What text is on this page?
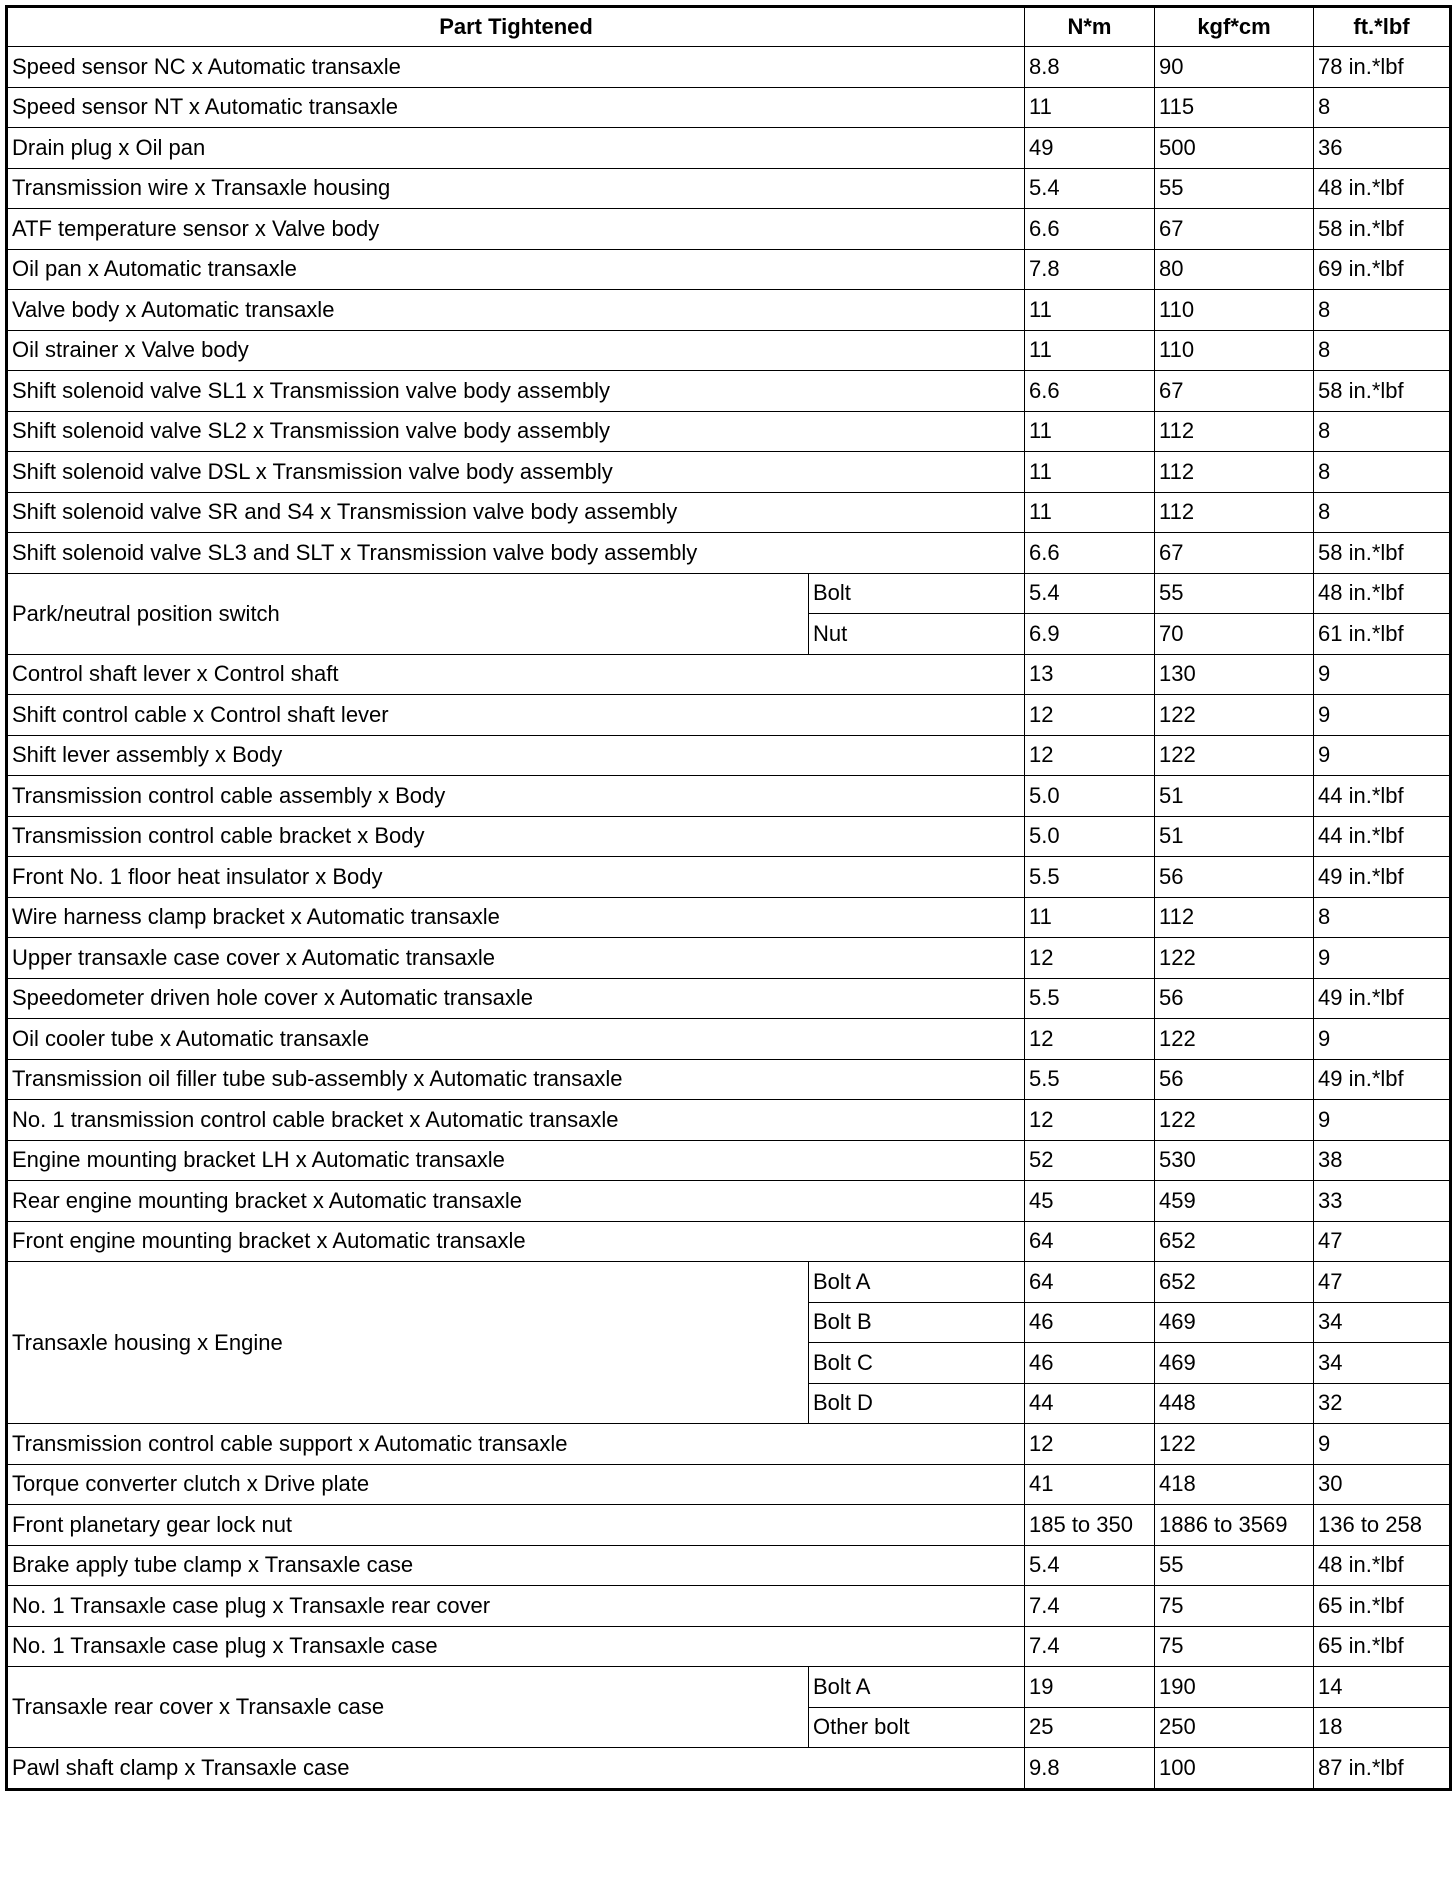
Part Tightened		N*m	kgf*cm	ft.*lbf
Speed sensor NC x Automatic transaxle		8.8	90	78 in.*lbf
Speed sensor NT x Automatic transaxle		11	115	8
Drain plug x Oil pan		49	500	36
Transmission wire x Transaxle housing		5.4	55	48 in.*lbf
ATF temperature sensor x Valve body		6.6	67	58 in.*lbf
Oil pan x Automatic transaxle		7.8	80	69 in.*lbf
Valve body x Automatic transaxle		11	110	8
Oil strainer x Valve body		11	110	8
Shift solenoid valve SL1 x Transmission valve body assembly		6.6	67	58 in.*lbf
Shift solenoid valve SL2 x Transmission valve body assembly		11	112	8
Shift solenoid valve DSL x Transmission valve body assembly		11	112	8
Shift solenoid valve SR and S4 x Transmission valve body assembly		11	112	8
Shift solenoid valve SL3 and SLT x Transmission valve body assembly		6.6	67	58 in.*lbf
Park/neutral position switch	Bolt	5.4	55	48 in.*lbf
	Nut	6.9	70	61 in.*lbf
Control shaft lever x Control shaft		13	130	9
Shift control cable x Control shaft lever		12	122	9
Shift lever assembly x Body		12	122	9
Transmission control cable assembly x Body		5.0	51	44 in.*lbf
Transmission control cable bracket x Body		5.0	51	44 in.*lbf
Front No. 1 floor heat insulator x Body		5.5	56	49 in.*lbf
Wire harness clamp bracket x Automatic transaxle		11	112	8
Upper transaxle case cover x Automatic transaxle		12	122	9
Speedometer driven hole cover x Automatic transaxle		5.5	56	49 in.*lbf
Oil cooler tube x Automatic transaxle		12	122	9
Transmission oil filler tube sub-assembly x Automatic transaxle		5.5	56	49 in.*lbf
No. 1 transmission control cable bracket x Automatic transaxle		12	122	9
Engine mounting bracket LH x Automatic transaxle		52	530	38
Rear engine mounting bracket x Automatic transaxle		45	459	33
Front engine mounting bracket x Automatic transaxle		64	652	47
Transaxle housing x Engine	Bolt A	64	652	47
	Bolt B	46	469	34
	Bolt C	46	469	34
	Bolt D	44	448	32
Transmission control cable support x Automatic transaxle		12	122	9
Torque converter clutch x Drive plate		41	418	30
Front planetary gear lock nut		185 to 350	1886 to 3569	136 to 258
Brake apply tube clamp x Transaxle case		5.4	55	48 in.*lbf
No. 1 Transaxle case plug x Transaxle rear cover		7.4	75	65 in.*lbf
No. 1 Transaxle case plug x Transaxle case		7.4	75	65 in.*lbf
Transaxle rear cover x Transaxle case	Bolt A	19	190	14
	Other bolt	25	250	18
Pawl shaft clamp x Transaxle case		9.8	100	87 in.*lbf
